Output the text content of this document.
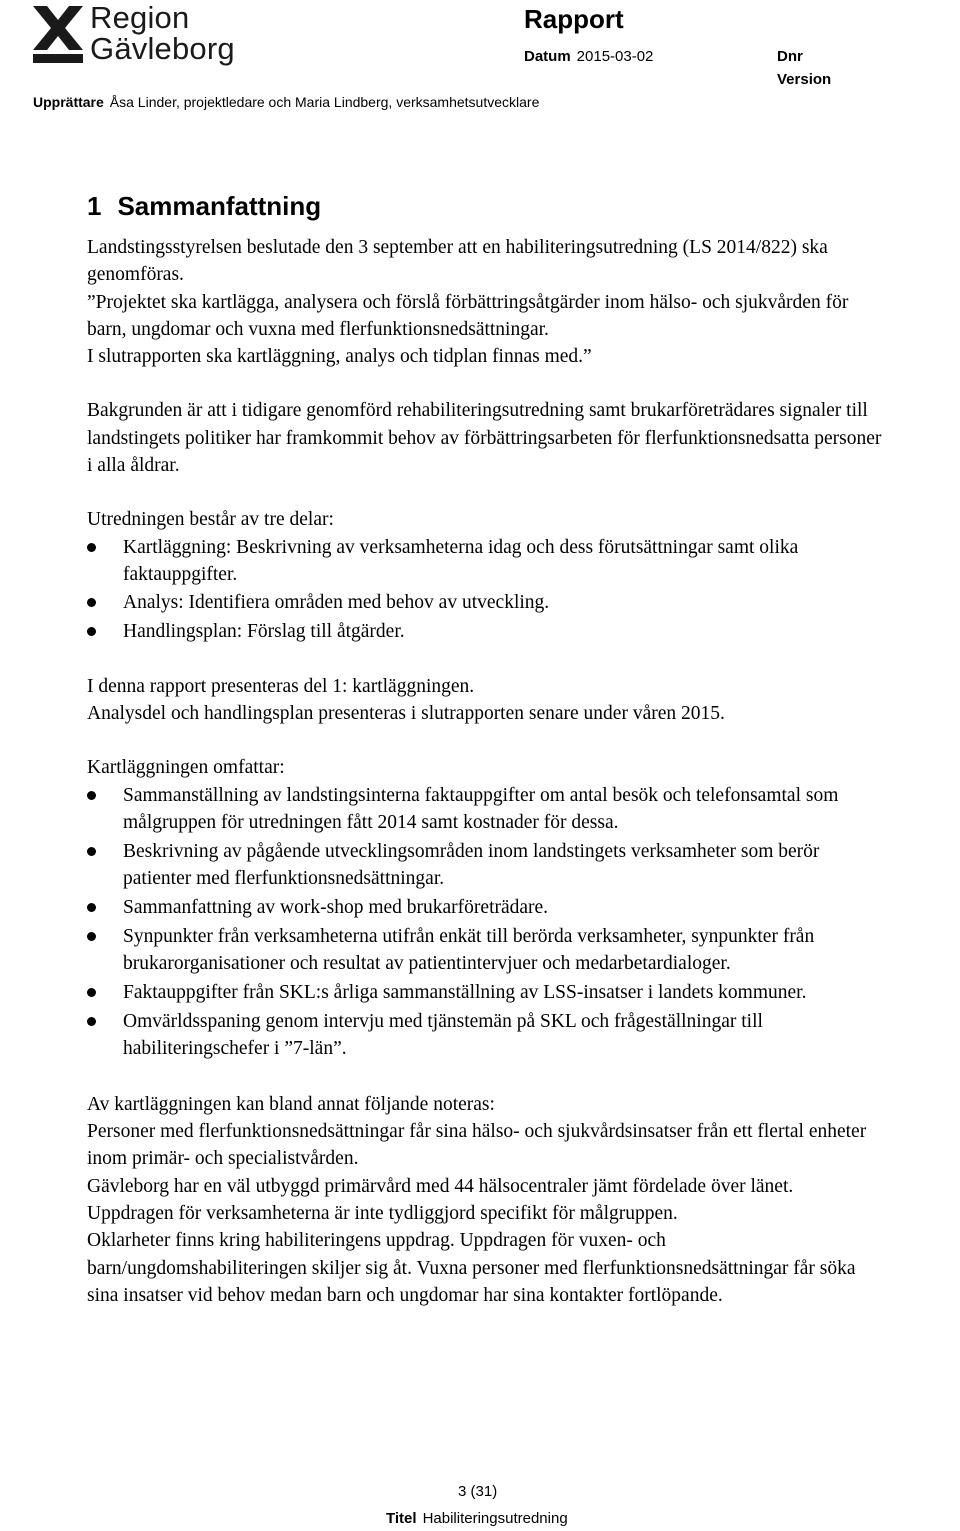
Region
Gävleborg
Rapport
Datum 2015-03-02	Dnr
Version
Upprättare Åsa Linder, projektledare och Maria Lindberg, verksamhetsutvecklare
1 Sammanfattning

Landstingsstyrelsen beslutade den 3 september att en habiliteringsutredning (LS 2014/822) ska genomföras.

”Projektet ska kartlägga, analysera och förslå förbättringsåtgärder inom hälso- och sjukvården för barn, ungdomar och vuxna med flerfunktionsnedsättningar.

I slutrapporten ska kartläggning, analys och tidplan finnas med.”

Bakgrunden är att i tidigare genomförd rehabiliteringsutredning samt brukarföreträdares signaler till landstingets politiker har framkommit behov av förbättringsarbeten för flerfunktionsnedsatta personer i alla åldrar.

Utredningen består av tre delar:

Kartläggning: Beskrivning av verksamheterna idag och dess förutsättningar samt olika faktauppgifter.
Analys: Identifiera områden med behov av utveckling.
Handlingsplan: Förslag till åtgärder.

I denna rapport presenteras del 1: kartläggningen.

Analysdel och handlingsplan presenteras i slutrapporten senare under våren 2015.

Kartläggningen omfattar:

Sammanställning av landstingsinterna faktauppgifter om antal besök och telefonsamtal som målgruppen för utredningen fått 2014 samt kostnader för dessa.
Beskrivning av pågående utvecklingsområden inom landstingets verksamheter som berör patienter med flerfunktionsnedsättningar.
Sammanfattning av work-shop med brukarföreträdare.
Synpunkter från verksamheterna utifrån enkät till berörda verksamheter, synpunkter från brukarorganisationer och resultat av patientintervjuer och medarbetardialoger.
Faktauppgifter från SKL:s årliga sammanställning av LSS-insatser i landets kommuner.
Omvärldsspaning genom intervju med tjänstemän på SKL och frågeställningar till habiliteringschefer i ”7-län”.

Av kartläggningen kan bland annat följande noteras:

Personer med flerfunktionsnedsättningar får sina hälso- och sjukvårdsinsatser från ett flertal enheter inom primär- och specialistvården.

Gävleborg har en väl utbyggd primärvård med 44 hälsocentraler jämt fördelade över länet.

Uppdragen för verksamheterna är inte tydliggjord specifikt för målgruppen.

Oklarheter finns kring habiliteringens uppdrag. Uppdragen för vuxen- och barn/ungdomshabiliteringen skiljer sig åt. Vuxna personer med flerfunktionsnedsättningar får söka sina insatser vid behov medan barn och ungdomar har sina kontakter fortlöpande.

3 (31)
Titel Habiliteringsutredning
